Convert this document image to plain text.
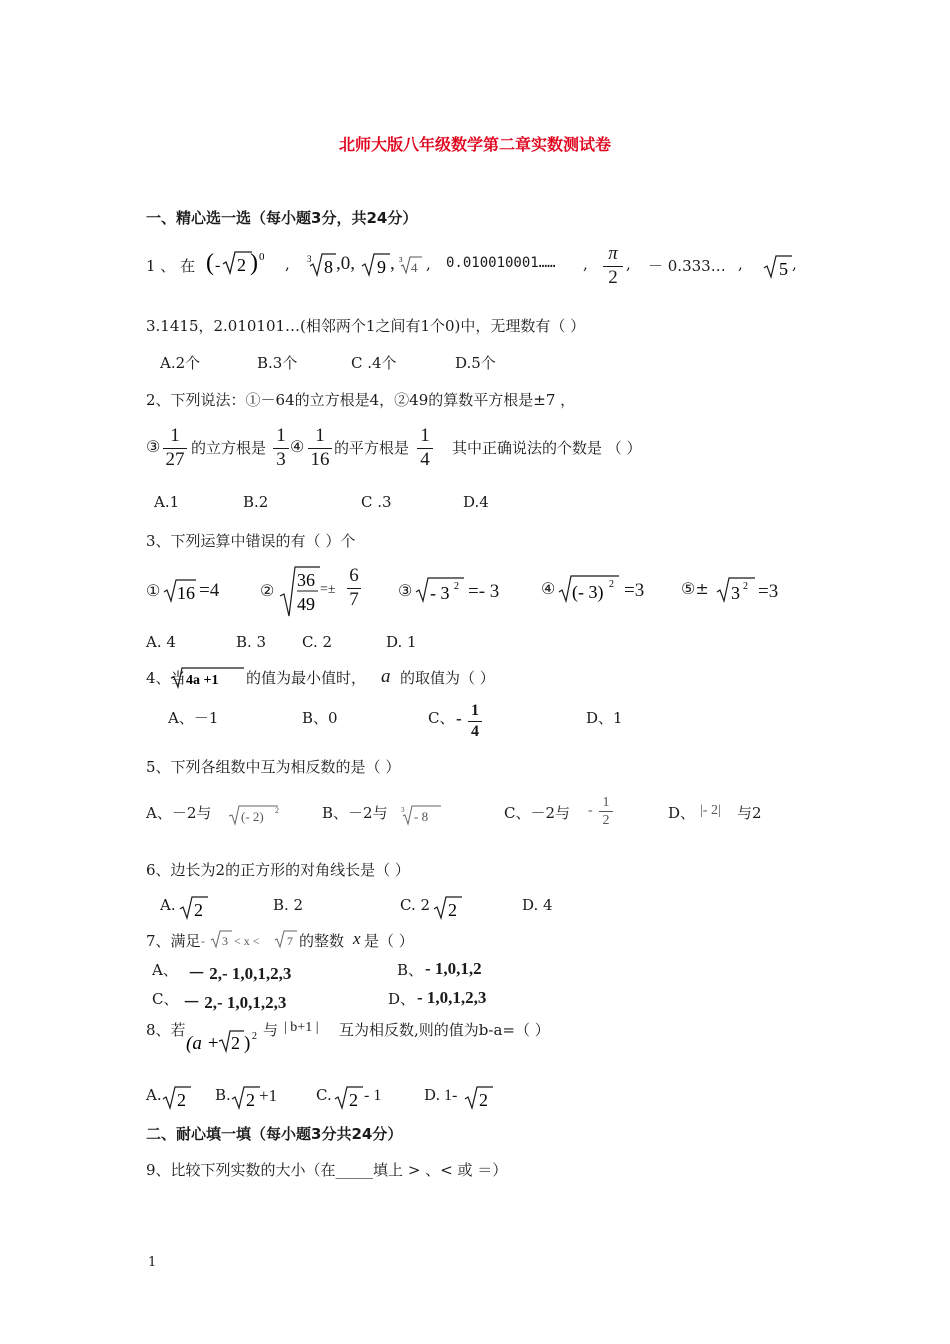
北师大版八年级数学第二章实数测试卷
一、精心选一选（每小题3分，共24分）
1 、 在 ( - 2 ) 0 , 3 8 ,0, 9 , 3 4 , 0.010010001…… , π
2
, － 0.333… , 5 ,
3.1415，2.010101…(相邻两个1之间有1个0)中，无理数有（ ）
A.2个	B.3个	C .4个	D.5个
2、下列说法：①－64的立方根是4，②49的算数平方根是±7 ，
③
1
27
的立方根是
1
3
④
1
16
的平方根是
1
4
其中正确说法的个数是 （ ）
A.1	B.2	C .3	D.4
3、下列运算中错误的有（ ）个
① 16 =4	②
36
49
=±
6
7 ③ - 3 2 =- 3	④ (- 3) 2 =3 ⑤± 3 2 =3
A. 4	B. 3 C. 2	D. 1
4、当 4a +1 的值为最小值时， a 的取值为（ ）
A、－1	B、0	C、 - 1
4
D、1
5、下列各组数中互为相反数的是（ ）
A、－2与 (- 2) 2	B、－2与 3 - 8	C、－2与 -
1
2	D、 |- 2| 与2
6、边长为2的正方形的对角线长是（ ）
A. 2	B. 2	C. 2 2	D. 4
7、满足 - 3 < x < 7 的整数 x 是（ ）
A、 － 2,- 1,0,1,2,3	B、 - 1,0,1,2
C、 － 2,- 1,0,1,2,3	D、 - 1,0,1,2,3
8、若
(a + 2 ) 2 与 | b+1 | 互为相反数,则的值为b-a=（ ）
A. 2 B. 2 +1	C. 2 - 1	D. 1- 2
二、耐心填一填（每小题3分共24分）
9、比较下列实数的大小（在_____填上 > 、< 或 ＝）
1
